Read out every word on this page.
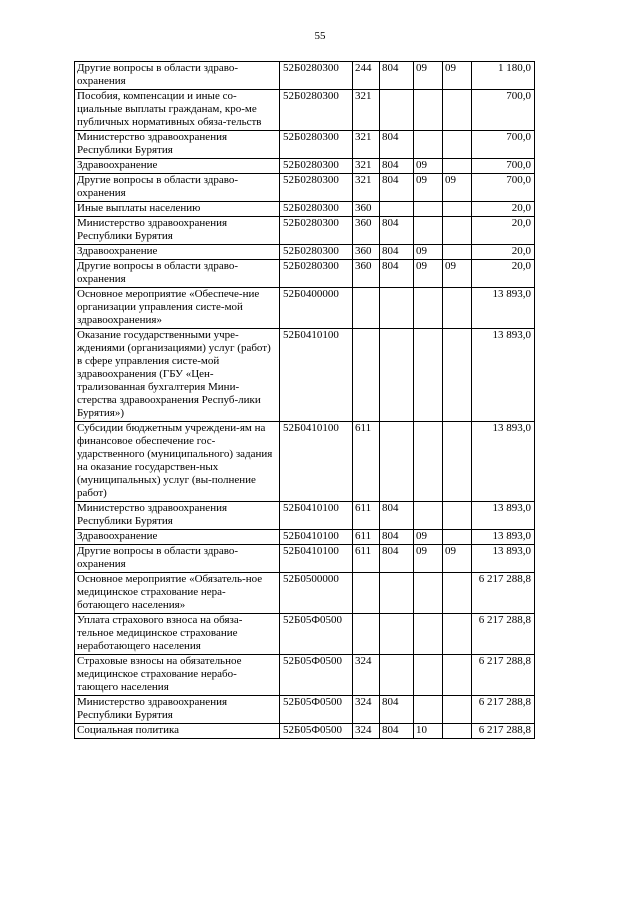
55
Другие вопросы в области здраво-охранения	52Б0280300	244	804	09	09	1 180,0
Пособия, компенсации и иные со-циальные выплаты гражданам, кро-ме публичных нормативных обяза-тельств	52Б0280300	321				700,0
Министерство здравоохранения Республики Бурятия	52Б0280300	321	804			700,0
Здравоохранение	52Б0280300	321	804	09		700,0
Другие вопросы в области здраво-охранения	52Б0280300	321	804	09	09	700,0
Иные выплаты населению	52Б0280300	360				20,0
Министерство здравоохранения Республики Бурятия	52Б0280300	360	804			20,0
Здравоохранение	52Б0280300	360	804	09		20,0
Другие вопросы в области здраво-охранения	52Б0280300	360	804	09	09	20,0
Основное мероприятие «Обеспече-ние организации управления систе-мой здравоохранения»	52Б0400000					13 893,0
Оказание государственными учре-ждениями (организациями) услуг (работ) в сфере управления систе-мой здравоохранения (ГБУ «Цен-трализованная бухгалтерия Мини-стерства здравоохранения Респуб-лики Бурятия»)	52Б0410100					13 893,0
Субсидии бюджетным учреждени-ям на финансовое обеспечение гос-ударственного (муниципального) задания на оказание государствен-ных (муниципальных) услуг (вы-полнение работ)	52Б0410100	611				13 893,0
Министерство здравоохранения Республики Бурятия	52Б0410100	611	804			13 893,0
Здравоохранение	52Б0410100	611	804	09		13 893,0
Другие вопросы в области здраво-охранения	52Б0410100	611	804	09	09	13 893,0
Основное мероприятие «Обязатель-ное медицинское страхование нера-ботающего населения»	52Б0500000					6 217 288,8
Уплата страхового взноса на обяза-тельное медицинское страхование неработающего населения	52Б05Ф0500					6 217 288,8
Страховые взносы на обязательное медицинское страхование нерабо-тающего населения	52Б05Ф0500	324				6 217 288,8
Министерство здравоохранения Республики Бурятия	52Б05Ф0500	324	804			6 217 288,8
Социальная политика	52Б05Ф0500	324	804	10		6 217 288,8
